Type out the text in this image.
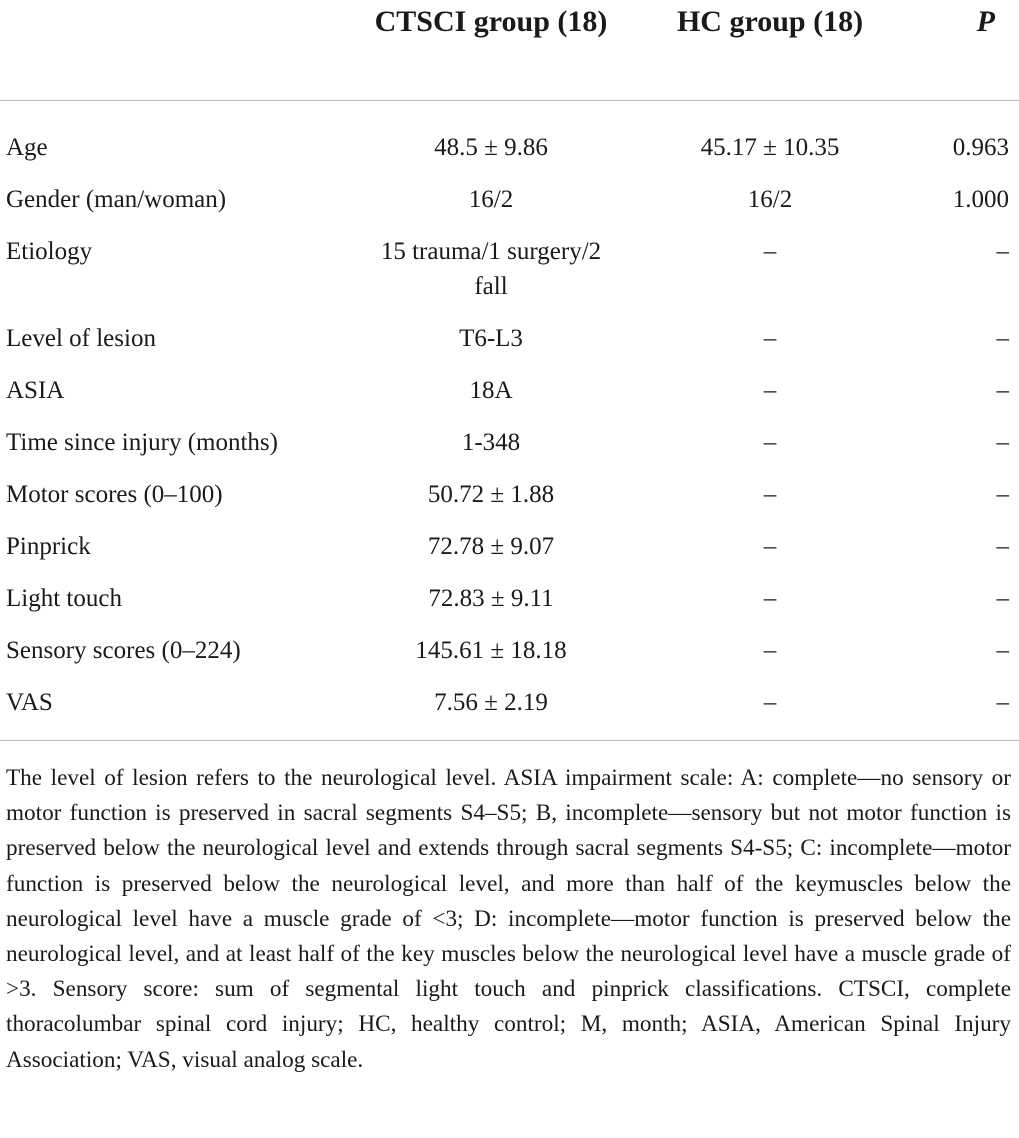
	CTSCI group (18)	HC group (18)	P
Age	48.5 ± 9.86	45.17 ± 10.35	0.963
Gender (man/woman)	16/2	16/2	1.000
Etiology	15 trauma/1 surgery/2 fall	–	–
Level of lesion	T6-L3	–	–
ASIA	18A	–	–
Time since injury (months)	1-348	–	–
Motor scores (0–100)	50.72 ± 1.88	–	–
Pinprick	72.78 ± 9.07	–	–
Light touch	72.83 ± 9.11	–	–
Sensory scores (0–224)	145.61 ± 18.18	–	–
VAS	7.56 ± 2.19	–	–

The level of lesion refers to the neurological level. ASIA impairment scale: A: complete—no sensory or motor function is preserved in sacral segments S4–S5; B, incomplete—sensory but not motor function is preserved below the neurological level and extends through sacral segments S4-S5; C: incomplete—motor function is preserved below the neurological level, and more than half of the keymuscles below the neurological level have a muscle grade of <3; D: incomplete—motor function is preserved below the neurological level, and at least half of the key muscles below the neurological level have a muscle grade of >3. Sensory score: sum of segmental light touch and pinprick classifications. CTSCI, complete thoracolumbar spinal cord injury; HC, healthy control; M, month; ASIA, American Spinal Injury Association; VAS, visual analog scale.
